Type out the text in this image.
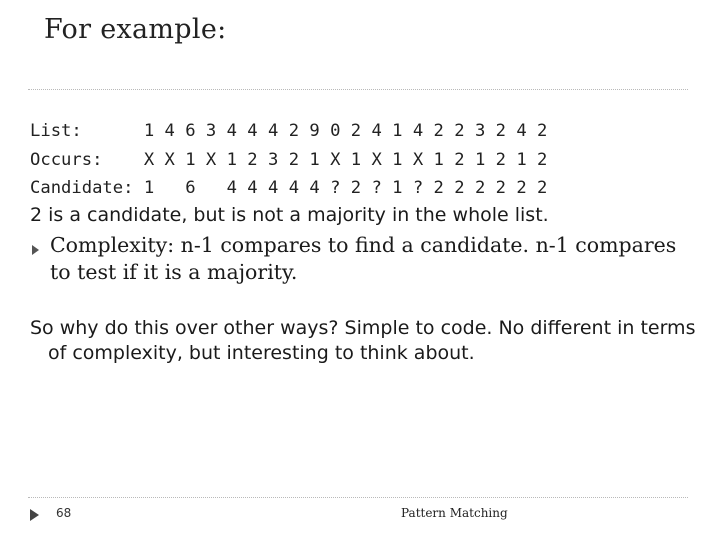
For example:
List:      1 4 6 3 4 4 4 2 9 0 2 4 1 4 2 2 3 2 4 2
Occurs:    X X 1 X 1 2 3 2 1 X 1 X 1 X 1 2 1 2 1 2
Candidate: 1   6   4 4 4 4 4 ? 2 ? 1 ? 2 2 2 2 2 2
2 is a candidate, but is not a majority in the whole list.
Complexity: n-1 compares to find a candidate. n-1 compares to test if it is a majority.
So why do this over other ways? Simple to code. No different in terms
of complexity, but interesting to think about.
68	Pattern Matching
